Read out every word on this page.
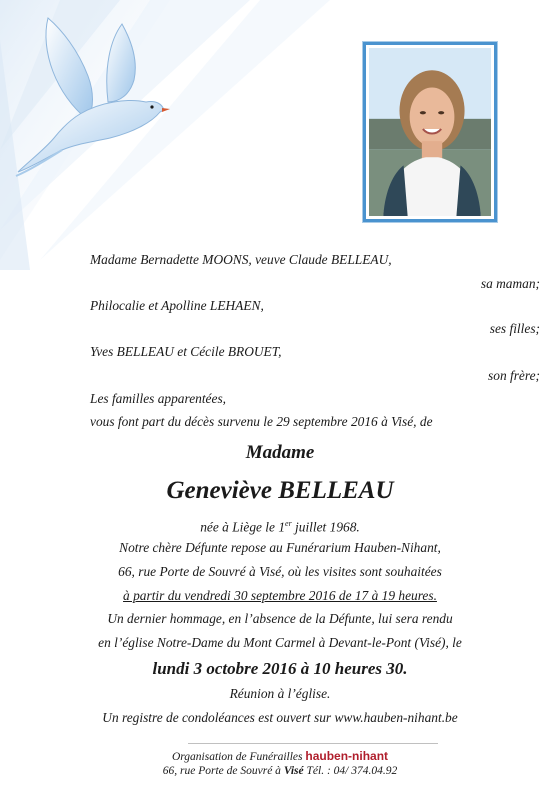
Madame Bernadette MOONS, veuve Claude BELLEAU,
sa maman;
Philocalie et Apolline LEHAEN,
ses filles;
Yves BELLEAU et Cécile BROUET,
son frère;
Les familles apparentées,
vous font part du décès survenu le 29 septembre 2016 à Visé, de
Madame
Geneviève BELLEAU
née à Liège le 1er juillet 1968.
Notre chère Défunte repose au Funérarium Hauben-Nihant,
66, rue Porte de Souvré à Visé, où les visites sont souhaitées
à partir du vendredi 30 septembre 2016 de 17 à 19 heures.
Un dernier hommage, en l’absence de la Défunte, lui sera rendu
en l’église Notre-Dame du Mont Carmel à Devant-le-Pont (Visé), le
lundi 3 octobre 2016 à 10 heures 30.
Réunion à l’église.
Un registre de condoléances est ouvert sur www.hauben-nihant.be
Organisation de Funérailles hauben-nihant
66, rue Porte de Souvré à Visé Tél. : 04/ 374.04.92
